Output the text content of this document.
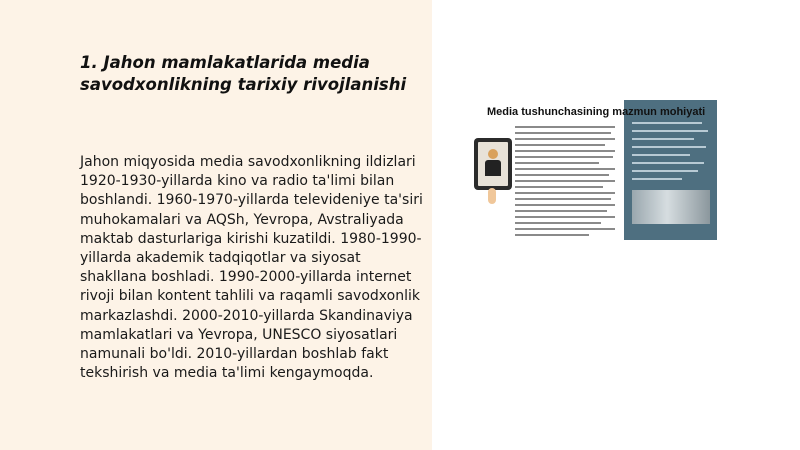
1. Jahon mamlakatlarida media savodxonlikning tarixiy rivojlanishi

Jahon miqyosida media savodxonlikning ildizlari 1920-1930-yillarda kino va radio ta'limi bilan boshlandi. 1960-1970-yillarda televideniye ta'siri muhokamalari va AQSh, Yevropa, Avstraliyada maktab dasturlariga kirishi kuzatildi. 1980-1990-yillarda akademik tadqiqotlar va siyosat shakllana boshladi. 1990-2000-yillarda internet rivoji bilan kontent tahlili va raqamli savodxonlik markazlashdi. 2000-2010-yillarda Skandinaviya mamlakatlari va Yevropa, UNESCO siyosatlari namunali bo'ldi. 2010-yillardan boshlab fakt tekshirish va media ta'limi kengaymoqda.

Media tushunchasining mazmun mohiyati
